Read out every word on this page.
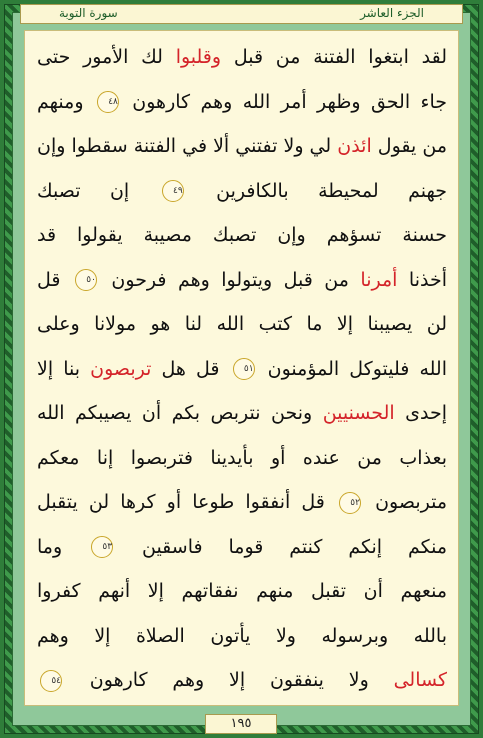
سورة التوبة	الجزء العاشر
لقد ابتغوا الفتنة من قبل وقلبوا لك الأمور حتى
جاء الحق وظهر أمر الله وهم كارهون ٤٨ ومنهم
من يقول ائذن لي ولا تفتني ألا في الفتنة سقطوا وإن
جهنم لمحيطة بالكافرين ٤٩ إن تصبك
حسنة تسؤهم وإن تصبك مصيبة يقولوا قد
أخذنا أمرنا من قبل ويتولوا وهم فرحون ٥٠ قل
لن يصيبنا إلا ما كتب الله لنا هو مولانا وعلى
الله فليتوكل المؤمنون ٥١ قل هل تربصون بنا إلا
إحدى الحسنيين ونحن نتربص بكم أن يصيبكم الله
بعذاب من عنده أو بأيدينا فتربصوا إنا معكم
متربصون ٥٢ قل أنفقوا طوعا أو كرها لن يتقبل
منكم إنكم كنتم قوما فاسقين ٥٣ وما
منعهم أن تقبل منهم نفقاتهم إلا أنهم كفروا
بالله وبرسوله ولا يأتون الصلاة إلا وهم
كسالى ولا ينفقون إلا وهم كارهون ٥٤
١٩٥
